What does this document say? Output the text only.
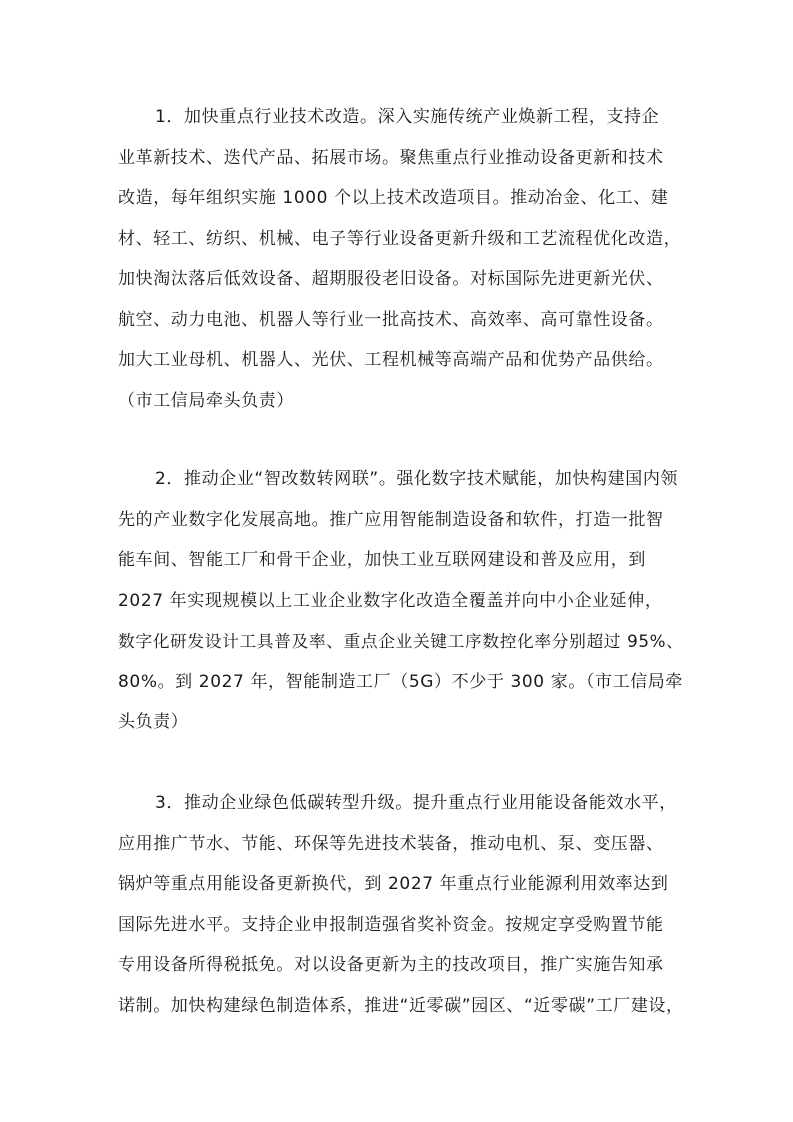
1．加快重点行业技术改造。深入实施传统产业焕新工程，支持企
业革新技术、迭代产品、拓展市场。聚焦重点行业推动设备更新和技术
改造，每年组织实施 1000 个以上技术改造项目。推动冶金、化工、建
材、轻工、纺织、机械、电子等行业设备更新升级和工艺流程优化改造，
加快淘汰落后低效设备、超期服役老旧设备。对标国际先进更新光伏、
航空、动力电池、机器人等行业一批高技术、高效率、高可靠性设备。
加大工业母机、机器人、光伏、工程机械等高端产品和优势产品供给。
（市工信局牵头负责）
2．推动企业“智改数转网联”。强化数字技术赋能，加快构建国内领
先的产业数字化发展高地。推广应用智能制造设备和软件，打造一批智
能车间、智能工厂和骨干企业，加快工业互联网建设和普及应用，到
2027 年实现规模以上工业企业数字化改造全覆盖并向中小企业延伸，
数字化研发设计工具普及率、重点企业关键工序数控化率分别超过 95%、
80%。到 2027 年，智能制造工厂（5G）不少于 300 家。（市工信局牵
头负责）
3．推动企业绿色低碳转型升级。提升重点行业用能设备能效水平，
应用推广节水、节能、环保等先进技术装备，推动电机、泵、变压器、
锅炉等重点用能设备更新换代，到 2027 年重点行业能源利用效率达到
国际先进水平。支持企业申报制造强省奖补资金。按规定享受购置节能
专用设备所得税抵免。对以设备更新为主的技改项目，推广实施告知承
诺制。加快构建绿色制造体系，推进“近零碳”园区、“近零碳”工厂建设，
